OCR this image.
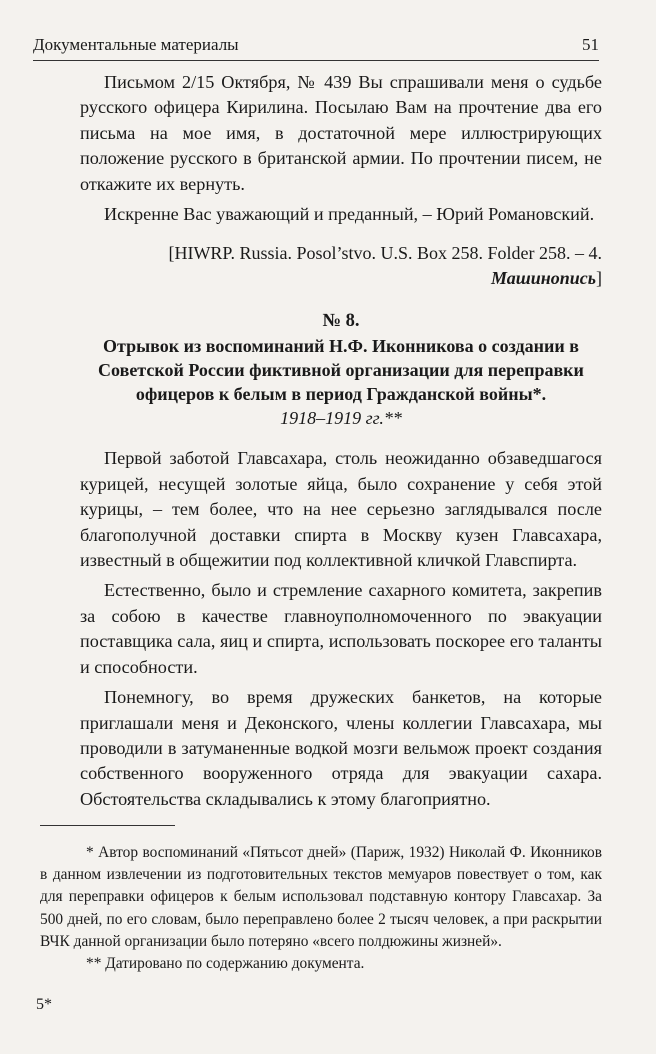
Документальные материалы	51

Письмом 2/15 Октября, № 439 Вы спрашивали меня о судьбе русского офицера Кирилина. Посылаю Вам на прочтение два его письма на мое имя, в достаточной мере иллюстрирующих положение русского в британской армии. По прочтении писем, не откажите их вернуть.

Искренне Вас уважающий и преданный, – Юрий Романовский.

[HIWRP. Russia. Posol’stvo. U.S. Box 258. Folder 258. – 4.
Машинопись]
№ 8.
Отрывок из воспоминаний Н.Ф. Иконникова о создании в Советской России фиктивной организации для переправки офицеров к белым в период Гражданской войны*.
1918–1919 гг.**

Первой заботой Главсахара, столь неожиданно обзаведшагося курицей, несущей золотые яйца, было сохранение у себя этой курицы, – тем более, что на нее серьезно заглядывался после благополучной доставки спирта в Москву кузен Главсахара, известный в общежитии под коллективной кличкой Главспирта.

Естественно, было и стремление сахарного комитета, закрепив за собою в качестве главноуполномоченного по эвакуации поставщика сала, яиц и спирта, использовать поскорее его таланты и способности.

Понемногу, во время дружеских банкетов, на которые приглашали меня и Деконского, члены коллегии Главсахара, мы проводили в затуманенные водкой мозги вельмож проект создания собственного вооруженного отряда для эвакуации сахара. Обстоятельства складывались к этому благоприятно.

* Автор воспоминаний «Пятьсот дней» (Париж, 1932) Николай Ф. Иконников в данном извлечении из подготовительных текстов мемуаров повествует о том, как для переправки офицеров к белым использовал подставную контору Главсахар. За 500 дней, по его словам, было переправлено более 2 тысяч человек, а при раскрытии ВЧК данной организации было потеряно «всего полдюжины жизней».

** Датировано по содержанию документа.

5*
